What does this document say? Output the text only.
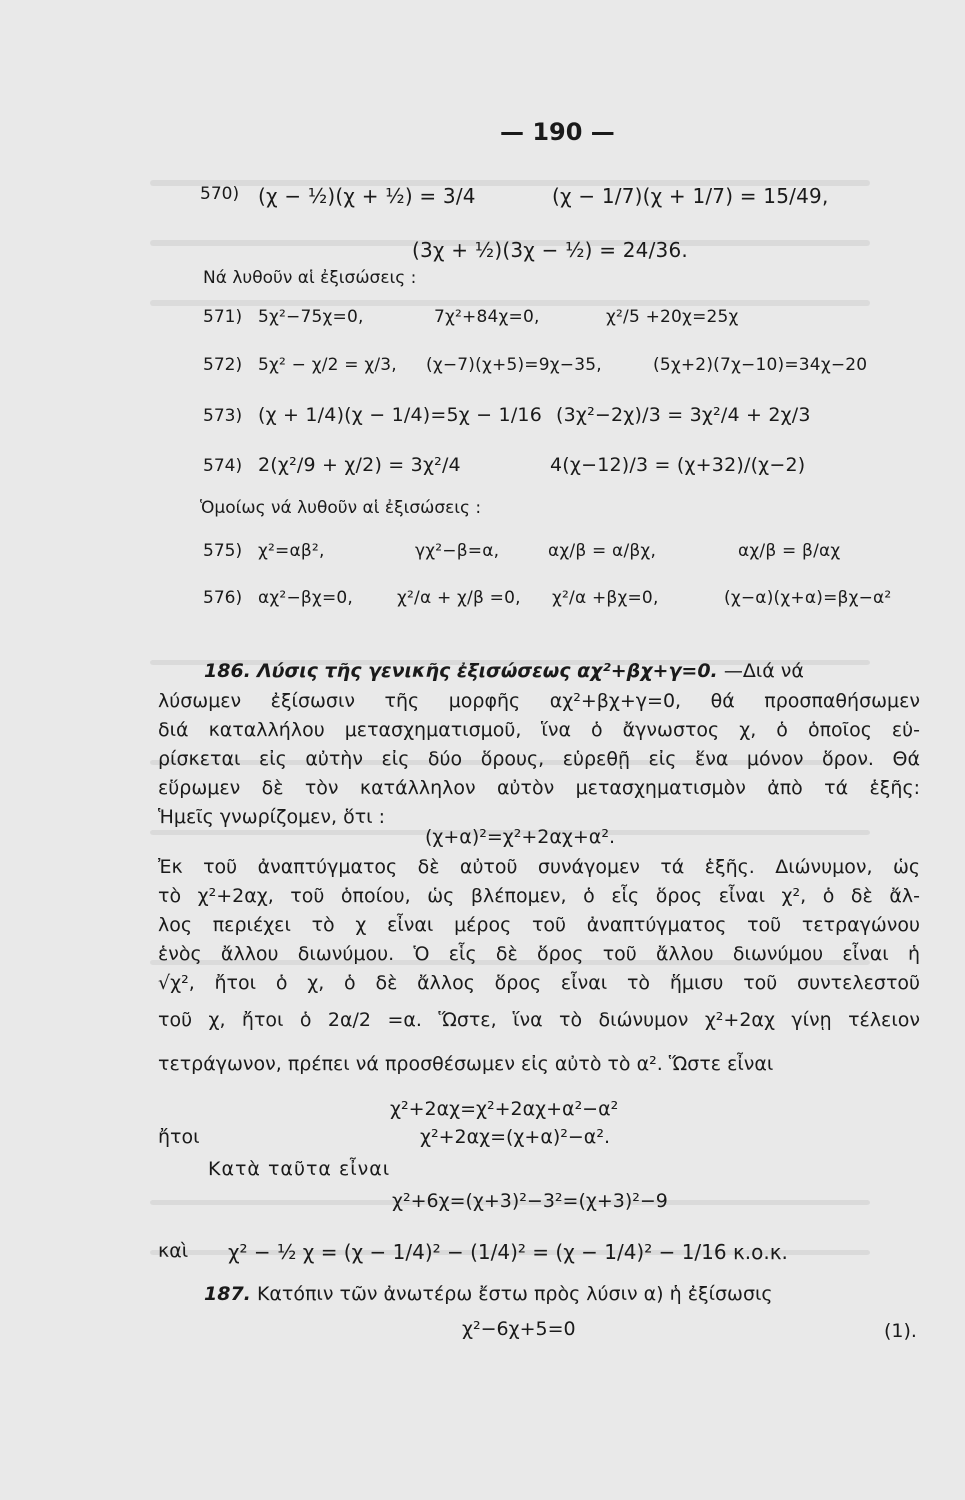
— 190 —
570) (χ − ½)(χ + ½) = 3/4	(χ − 1/7)(χ + 1/7) = 15/49,
(3χ + ½)(3χ − ½) = 24/36.
Νά λυθοῦν αἱ ἐξισώσεις :
571) 5χ²−75χ=0,	7χ²+84χ=0,	χ²/5 +20χ=25χ
572) 5χ² − χ/2 = χ/3, (χ−7)(χ+5)=9χ−35,	(5χ+2)(7χ−10)=34χ−20
573) (χ + 1/4)(χ − 1/4)=5χ − 1/16 (3χ²−2χ)/3 = 3χ²/4 + 2χ/3
574) 2(χ²/9 + χ/2) = 3χ²/4	4(χ−12)/3 = (χ+32)/(χ−2)
Ὁμοίως νά λυθοῦν αἱ ἐξισώσεις :
575) χ²=αβ²,	γχ²−β=α,	αχ/β = α/βχ,	αχ/β = β/αχ
576) αχ²−βχ=0,	χ²/α + χ/β =0, χ²/α +βχ=0,	(χ−α)(χ+α)=βχ−α²
186. Λύσις τῆς γενικῆς ἐξισώσεως αχ²+βχ+γ=0. —Διά νά
λύσωμεν ἐξίσωσιν τῆς μορφῆς αχ²+βχ+γ=0, θά προσπαθήσωμεν
διά καταλλήλου μετασχηματισμοῦ, ἵνα ὁ ἄγνωστος χ, ὁ ὁποῖος εὑ-
ρίσκεται εἰς αὐτὴν εἰς δύο ὅρους, εὑρεθῇ εἰς ἕνα μόνον ὅρον. Θά
εὕρωμεν δὲ τὸν κατάλληλον αὐτὸν μετασχηματισμὸν ἀπὸ τά ἑξῆς:
Ἡμεῖς γνωρίζομεν, ὅτι :
(χ+α)²=χ²+2αχ+α².
Ἐκ τοῦ ἀναπτύγματος δὲ αὐτοῦ συνάγομεν τά ἑξῆς. Διώνυμον, ὡς
τὸ χ²+2αχ, τοῦ ὁποίου, ὡς βλέπομεν, ὁ εἷς ὅρος εἶναι χ², ὁ δὲ ἄλ-
λος περιέχει τὸ χ εἶναι μέρος τοῦ ἀναπτύγματος τοῦ τετραγώνου
ἑνὸς ἄλλου διωνύμου. Ὁ εἷς δὲ ὅρος τοῦ ἄλλου διωνύμου εἶναι ἡ
√χ², ἤτοι ὁ χ, ὁ δὲ ἄλλος ὅρος εἶναι τὸ ἥμισυ τοῦ συντελεστοῦ
τοῦ χ, ἤτοι ὁ 2α/2 =α. Ὥστε, ἵνα τὸ διώνυμον χ²+2αχ γίνῃ τέλειον
τετράγωνον, πρέπει νά προσθέσωμεν εἰς αὐτὸ τὸ α². Ὥστε εἶναι
χ²+2αχ=χ²+2αχ+α²−α²
ἤτοι	χ²+2αχ=(χ+α)²−α².
Κατὰ ταῦτα εἶναι
χ²+6χ=(χ+3)²−3²=(χ+3)²−9
καὶ χ² − ½ χ = (χ − 1/4)² − (1/4)² = (χ − 1/4)² − 1/16 κ.ο.κ.
187. Κατόπιν τῶν ἀνωτέρω ἔστω πρὸς λύσιν α) ἡ ἐξίσωσις
χ²−6χ+5=0	(1).
